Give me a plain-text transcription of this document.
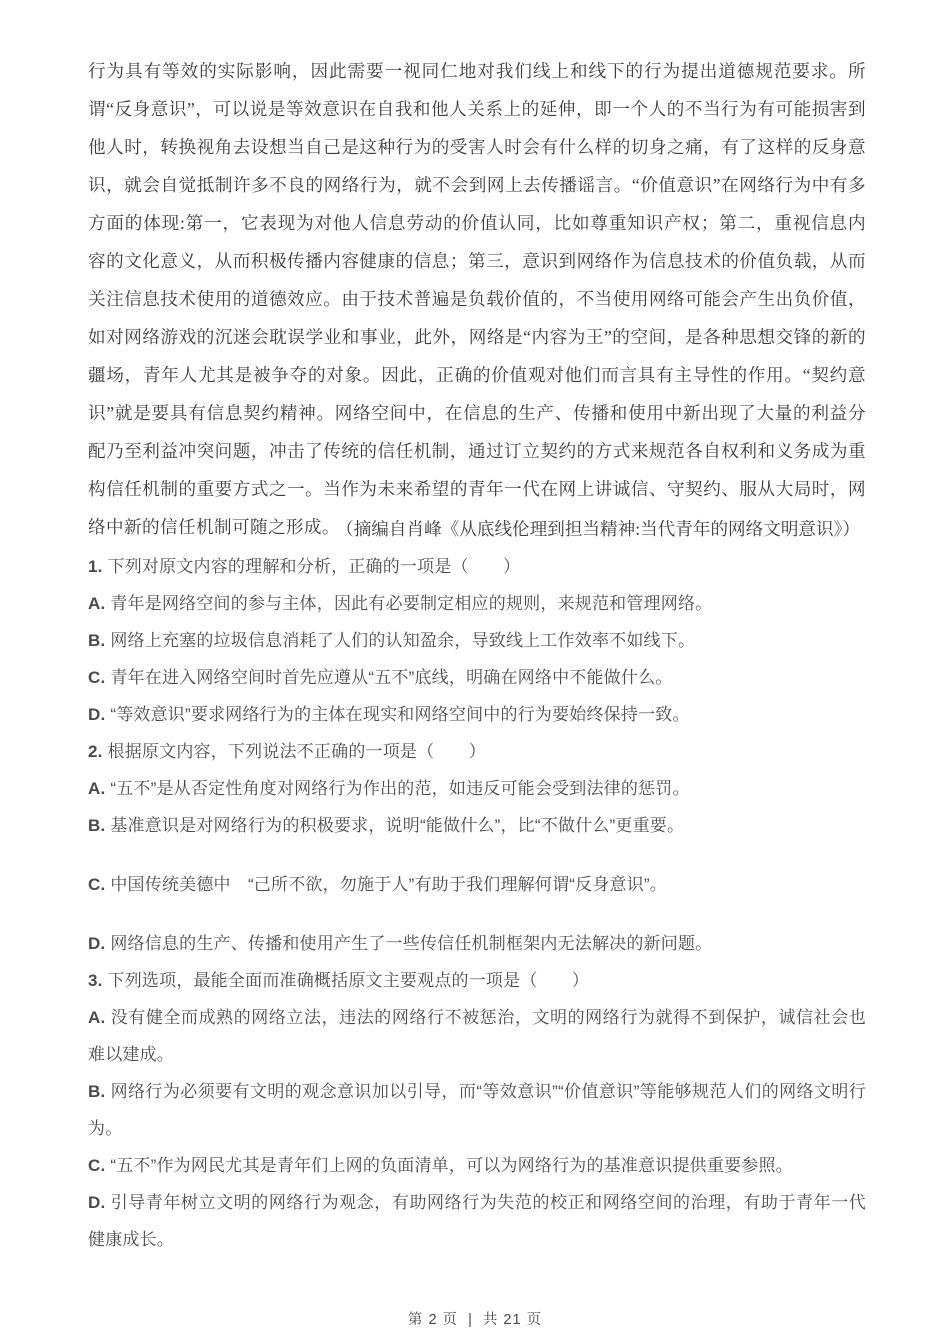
行为具有等效的实际影响，因此需要一视同仁地对我们线上和线下的行为提出道德规范要求。所谓“反身意识”，可以说是等效意识在自我和他人关系上的延伸，即一个人的不当行为有可能损害到他人时，转换视角去设想当自己是这种行为的受害人时会有什么样的切身之痛，有了这样的反身意识，就会自觉抵制许多不良的网络行为，就不会到网上去传播谣言。“价值意识”在网络行为中有多方面的体现:第一，它表现为对他人信息劳动的价值认同，比如尊重知识产权；第二，重视信息内容的文化意义，从而积极传播内容健康的信息；第三，意识到网络作为信息技术的价值负载，从而关注信息技术使用的道德效应。由于技术普遍是负载价值的，不当使用网络可能会产生出负价值，如对网络游戏的沉迷会耽误学业和事业，此外，网络是“内容为王”的空间，是各种思想交锋的新的疆场，青年人尤其是被争夺的对象。因此，正确的价值观对他们而言具有主导性的作用。“契约意识”就是要具有信息契约精神。网络空间中，在信息的生产、传播和使用中新出现了大量的利益分配乃至利益冲突问题，冲击了传统的信任机制，通过订立契约的方式来规范各自权利和义务成为重构信任机制的重要方式之一。当作为未来希望的青年一代在网上讲诚信、守契约、服从大局时，网络中新的信任机制可随之形成。

（摘编自肖峰《从底线伦理到担当精神:当代青年的网络文明意识》）

1. 下列对原文内容的理解和分析，正确的一项是（　　）

A. 青年是网络空间的参与主体，因此有必要制定相应的规则，来规范和管理网络。

B. 网络上充塞的垃圾信息消耗了人们的认知盈余，导致线上工作效率不如线下。

C. 青年在进入网络空间时首先应遵从“五不”底线，明确在网络中不能做什么。

D. “等效意识”要求网络行为的主体在现实和网络空间中的行为要始终保持一致。

2. 根据原文内容，下列说法不正确的一项是（　　）

A. “五不”是从否定性角度对网络行为作出的范，如违反可能会受到法律的惩罚。

B. 基准意识是对网络行为的积极要求，说明“能做什么”，比“不做什么”更重要。

C. 中国传统美德中　“己所不欲，勿施于人”有助于我们理解何谓“反身意识”。

D. 网络信息的生产、传播和使用产生了一些传信任机制框架内无法解决的新问题。

3. 下列选项，最能全面而准确概括原文主要观点的一项是（　　）

A. 没有健全而成熟的网络立法，违法的网络行不被惩治，文明的网络行为就得不到保护，诚信社会也难以建成。

B. 网络行为必须要有文明的观念意识加以引导，而“等效意识”“价值意识”等能够规范人们的网络文明行为。

C. “五不”作为网民尤其是青年们上网的负面清单，可以为网络行为的基准意识提供重要参照。

D. 引导青年树立文明的网络行为观念，有助网络行为失范的校正和网络空间的治理，有助于青年一代健康成长。

第 2 页 | 共 21 页
